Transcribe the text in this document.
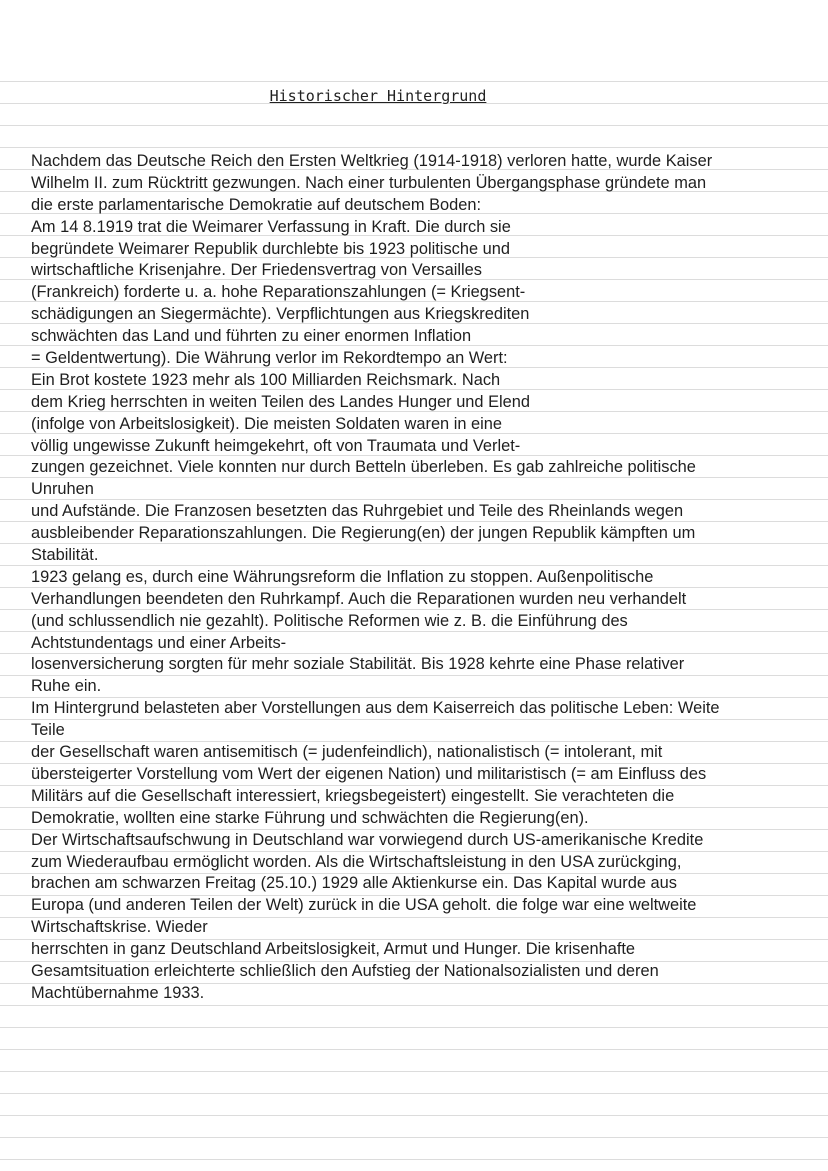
Historischer Hintergrund
Nachdem das Deutsche Reich den Ersten Weltkrieg (1914-1918) verloren hatte, wurde Kaiser
Wilhelm II. zum Rücktritt gezwungen. Nach einer turbulenten Übergangsphase gründete man
die erste parlamentarische Demokratie auf deutschem Boden:
Am 14 8.1919 trat die Weimarer Verfassung in Kraft. Die durch sie
begründete Weimarer Republik durchlebte bis 1923 politische und
wirtschaftliche Krisenjahre. Der Friedensvertrag von Versailles
(Frankreich) forderte u. a. hohe Reparationszahlungen (= Kriegsent-
schädigungen an Siegermächte). Verpflichtungen aus Kriegskrediten
schwächten das Land und führten zu einer enormen Inflation
= Geldentwertung). Die Währung verlor im Rekordtempo an Wert:
Ein Brot kostete 1923 mehr als 100 Milliarden Reichsmark. Nach
dem Krieg herrschten in weiten Teilen des Landes Hunger und Elend
(infolge von Arbeitslosigkeit). Die meisten Soldaten waren in eine
völlig ungewisse Zukunft heimgekehrt, oft von Traumata und Verlet-
zungen gezeichnet. Viele konnten nur durch Betteln überleben. Es gab zahlreiche politische
Unruhen
und Aufstände. Die Franzosen besetzten das Ruhrgebiet und Teile des Rheinlands wegen
ausbleibender Reparationszahlungen. Die Regierung(en) der jungen Republik kämpften um
Stabilität.
1923 gelang es, durch eine Währungsreform die Inflation zu stoppen. Außenpolitische
Verhandlungen beendeten den Ruhrkampf. Auch die Reparationen wurden neu verhandelt
(und schlussendlich nie gezahlt). Politische Reformen wie z. B. die Einführung des
Achtstundentags und einer Arbeits-
losenversicherung sorgten für mehr soziale Stabilität. Bis 1928 kehrte eine Phase relativer
Ruhe ein.
Im Hintergrund belasteten aber Vorstellungen aus dem Kaiserreich das politische Leben: Weite
Teile
der Gesellschaft waren antisemitisch (= judenfeindlich), nationalistisch (= intolerant, mit
übersteigerter Vorstellung vom Wert der eigenen Nation) und militaristisch (= am Einfluss des
Militärs auf die Gesellschaft interessiert, kriegsbegeistert) eingestellt. Sie verachteten die
Demokratie, wollten eine starke Führung und schwächten die Regierung(en).
Der Wirtschaftsaufschwung in Deutschland war vorwiegend durch US-amerikanische Kredite
zum Wiederaufbau ermöglicht worden. Als die Wirtschaftsleistung in den USA zurückging,
brachen am schwarzen Freitag (25.10.) 1929 alle Aktienkurse ein. Das Kapital wurde aus
Europa (und anderen Teilen der Welt) zurück in die USA geholt. die folge war eine weltweite
Wirtschaftskrise. Wieder
herrschten in ganz Deutschland Arbeitslosigkeit, Armut und Hunger. Die krisenhafte
Gesamtsituation erleichterte schließlich den Aufstieg der Nationalsozialisten und deren
Machtübernahme 1933.
